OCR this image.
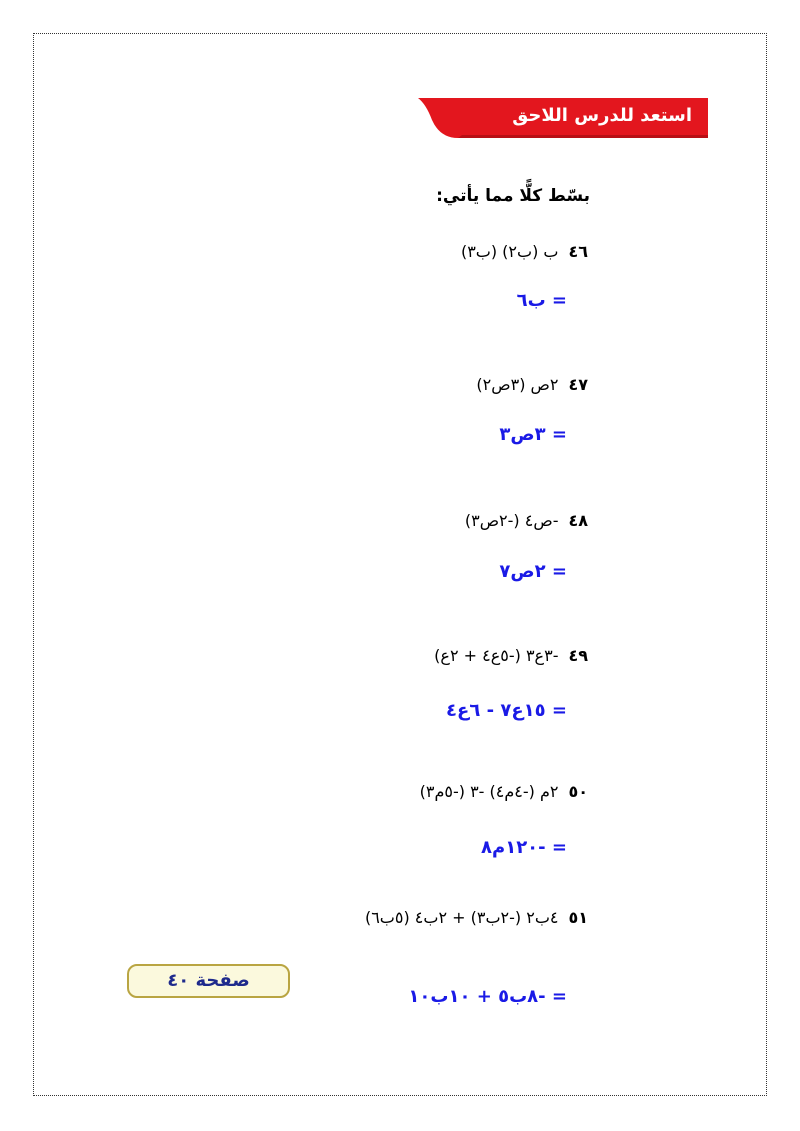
استعد للدرس اللاحق
بسّط كلًّا مما يأتي:
٤٦ب (ب٢) (ب٣)
= ب٦
٤٧٢ص (٣ص٢)
= ٣ص٣
٤٨-ص٤ (-٢ص٣)
= ٢ص٧
٤٩-٣ع٣ (-٥ع٤ + ٢ع)
= ١٥ع٧ - ٦ع٤
٥٠٢م (-٤م٤) -٣ (-٥م٣)
= -١٢٠م٨
٥١٤ب٢ (-٢ب٣) + ٢ب٤ (٥ب٦)
= -٨ب٥ + ١٠ب١٠
صفحة ٤٠
